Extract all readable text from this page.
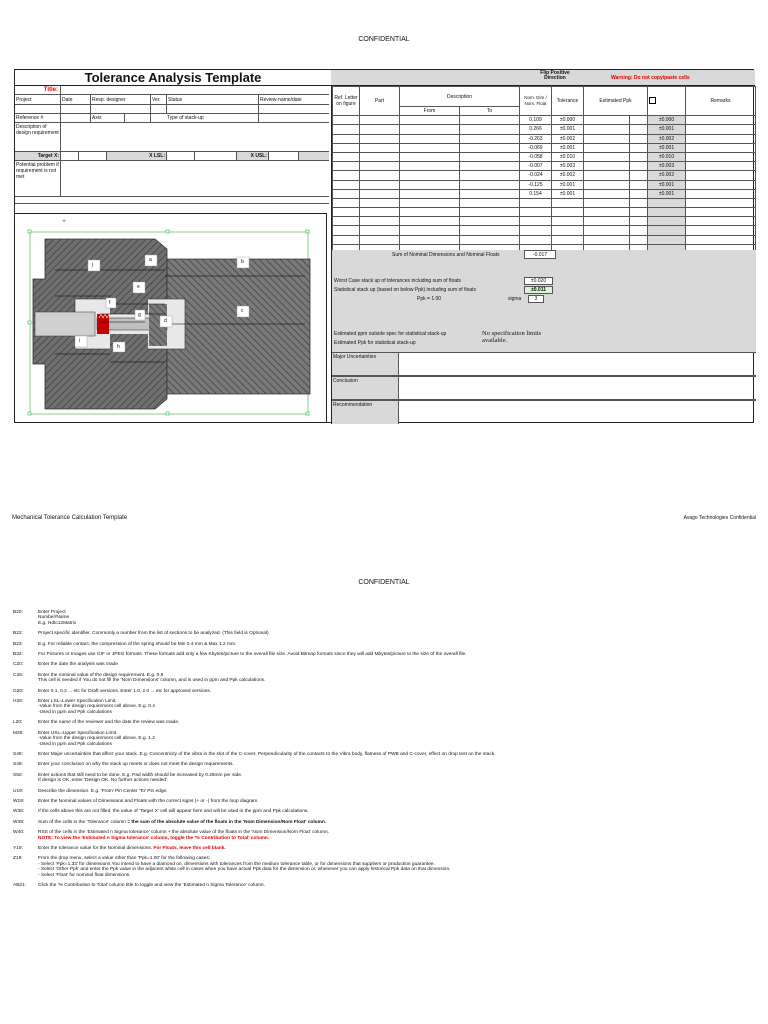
CONFIDENTIAL
Tolerance Analysis Template	Flip Positive Direction	Warning: Do not copy/paste cells
Title:
Project	Date	Resp. designer	Ver.	Status	Review-name/date
Reference #	Axis	Type of stack-up
Description of design requirement
Target X:	X LSL:	X USL:
Potential problem if requirement is not met
+
a	b
c
d
e
f
g
h
i
j
Ref. Letter on figure	Part	Description		Nom. Dim / Nom. Float	Tolerance	Estimated Ppk		Remarks
		From	To					
				0.109	±0.000		±0.000	
				0.266	±0.001		±0.001	
				-0.263	±0.002		±0.002	
				-0.069	±0.001		±0.001	
				-0.058	±0.010		±0.010	
				-0.007	±0.003		±0.003	
				-0.024	±0.002		±0.002	
				-0.125	±0.001		±0.001	
				0.154	±0.001		±0.001	

Sum of Nominal Dimensions and Nominal Floats	-0.017
Worst Case stack up of tolerances including sum of floats	±0.020
Statistical stack up (based on below Ppk) including sum of floats	±0.011
Ppk = 1.00	sigma	3
Estimated ppm outside spec for statistical stack-up
Estimated Ppk for statistical stack-up
No specification limits available.
Major Uncertainties
Conclusion
Recommendation
Mechanical Tolerance Calculation Template	Avago Technologies Confidential
CONFIDENTIAL
B20:	Enter Project
Number/Name
E.g. Hdtc12Matrix
B22:	Project specific identifier. Commonly a number from the list of sections to be analyzed. (This field is Optional)
B23:	E.g. For reliable contact, the compression of the spring should be Min 0.4 mm & Max 1.2 mm.
B32:	For Pictures or Images use GIF or JPEG formats. These formats add only a few Kbytes/picture to the overall file size. Avoid Bitmap formats since they will add Mbytes/picture to the size of the overall file.
C20:	Enter the date the analysis was made
C26:	Enter the nominal value of the design requirement. E.g. 0.8
This cell is needed if You do not fill the 'Nom Dimensions' column, and is used in ppm and Ppk calculations.
G20:	Enter 0.1, 0.2 ... etc for Draft versions. Enter 1.0, 2.0 ... etc for approved versions.
H26:	Enter LSL=Lower Specification Limit.
-Value from the design requirement cell above. E.g. 0.4
-Used in ppm and Ppk calculations
L20:	Enter the name of the reviewer and the date the review was made.
M26:	Enter USL=Upper Specification Limit.
-Value from the design requirement cell above. E.g. 1.2
-Used in ppm and Ppk calculations
S48:	Enter Major uncertainties that affect your stack. E.g. Concentricity of the vibra in the slot of the C-cover, Perpendicularity of the contacts to the Vibra body, flatness of PWB and C-cover, effect on drop test on the stack.
S49:	Enter your conclusion on why the stack up meets or does not meet the design requirements.
S50:	Enter actions that still need to be done. E.g. Pad width should be increased by 0.25mm per side.
If design is OK, enter 'Design OK. No further actions needed'.
U19:	Describe the dimension. E.g. 'From' Pin Center 'To' Pin edge.
W19:	Enter the Nominal values of Dimensions and Floats with the correct signs (+ or -) from the loop diagram.
W36:	If the cells above this are not filled, the value of 'Target X' cell will appear here and will be used in the ppm and Ppk calculations.
W38:	Sum of the cells in the 'Tolerance' column = the sum of the absolute value of the floats in the 'Nom Dimension/Nom Float' column.
W40:	RSS of the cells in the 'Estimated n Sigma tolerance' column + the absolute value of the floats in the 'Nom Dimension/Nom Float' column.
NOTE: To view the 'Estimated n Sigma tolerance' column, toggle the '% Contribution to Total' column.
Y19:	Enter the tolerance value for the Nominal dimensions. For Floats, leave this cell blank.
Z19:	From the drop menu, select a value other than 'Ppk=1.00' for the following cases:
- Select 'Ppk=1.33' for dimensions You intend to have a diamond on, dimensions with tolerances from the medium tolerance table, or for dimensions that suppliers or production guarantee.
- Select 'Other Ppk' and enter the Ppk value in the adjacent white cell in cases when you have actual Ppk data for the dimension or, whenever you can apply historical Ppk data on that dimension.
- Select 'Float' for nominal float dimensions.
AB21:	Click the '% Contribution to Total' column title to toggle and view the 'Estimated n Sigma Tolerance' column.
